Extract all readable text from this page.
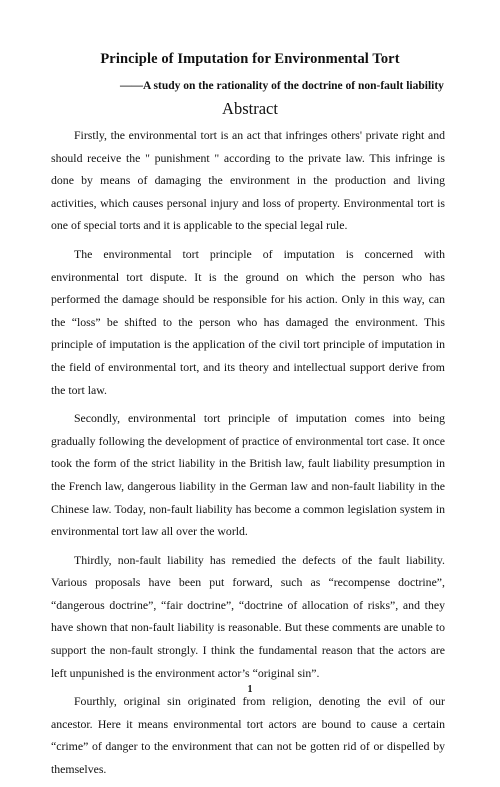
Principle of Imputation for Environmental Tort
——A study on the rationality of the doctrine of non-fault liability
Abstract

Firstly, the environmental tort is an act that infringes others' private right and should receive the " punishment " according to the private law. This infringe is done by means of damaging the environment in the production and living activities, which causes personal injury and loss of property. Environmental tort is one of special torts and it is applicable to the special legal rule.

The environmental tort principle of imputation is concerned with environmental tort dispute. It is the ground on which the person who has performed the damage should be responsible for his action. Only in this way, can the “loss” be shifted to the person who has damaged the environment. This principle of imputation is the application of the civil tort principle of imputation in the field of environmental tort, and its theory and intellectual support derive from the tort law.

Secondly, environmental tort principle of imputation comes into being gradually following the development of practice of environmental tort case. It once took the form of the strict liability in the British law, fault liability presumption in the French law, dangerous liability in the German law and non-fault liability in the Chinese law. Today, non-fault liability has become a common legislation system in environmental tort law all over the world.

Thirdly, non-fault liability has remedied the defects of the fault liability. Various proposals have been put forward, such as “recompense doctrine”, “dangerous doctrine”, “fair doctrine”, “doctrine of allocation of risks”, and they have shown that non-fault liability is reasonable. But these comments are unable to support the non-fault strongly. I think the fundamental reason that the actors are left unpunished is the environment actor’s “original sin”.

Fourthly, original sin originated from religion, denoting the evil of our ancestor. Here it means environmental tort actors are bound to cause a certain “crime” of danger to the environment that can not be gotten rid of or dispelled by themselves.

1
